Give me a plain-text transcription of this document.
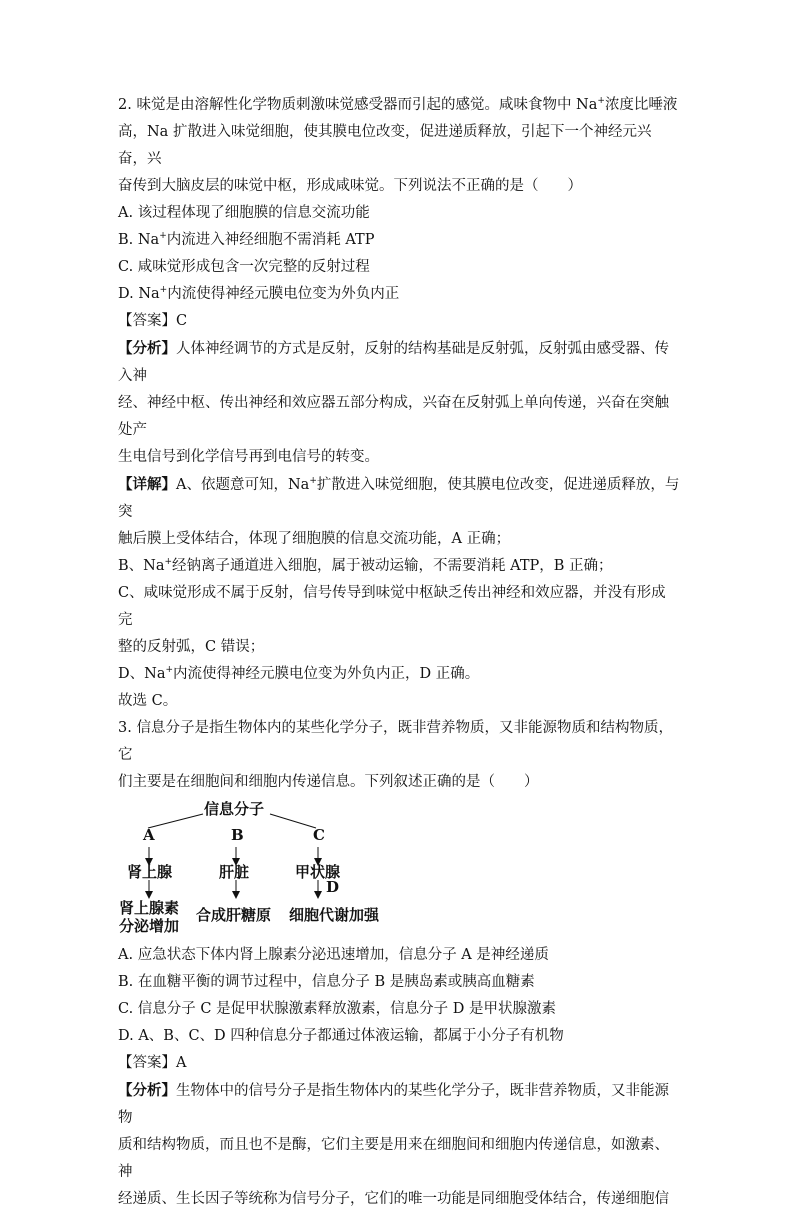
2. 味觉是由溶解性化学物质刺激味觉感受器而引起的感觉。咸味食物中 Na+浓度比唾液

高，Na 扩散进入味觉细胞，使其膜电位改变，促进递质释放，引起下一个神经元兴奋，兴

奋传到大脑皮层的味觉中枢，形成咸味觉。下列说法不正确的是（　　）

A. 该过程体现了细胞膜的信息交流功能

B. Na+内流进入神经细胞不需消耗 ATP

C. 咸味觉形成包含一次完整的反射过程

D. Na+内流使得神经元膜电位变为外负内正

【答案】C

【分析】人体神经调节的方式是反射，反射的结构基础是反射弧，反射弧由感受器、传入神

经、神经中枢、传出神经和效应器五部分构成，兴奋在反射弧上单向传递，兴奋在突触处产

生电信号到化学信号再到电信号的转变。

【详解】A、依题意可知，Na+扩散进入味觉细胞，使其膜电位改变，促进递质释放，与突

触后膜上受体结合，体现了细胞膜的信息交流功能，A 正确；

B、Na+经钠离子通道进入细胞，属于被动运输，不需要消耗 ATP，B 正确；

C、咸味觉形成不属于反射，信号传导到味觉中枢缺乏传出神经和效应器，并没有形成完

整的反射弧，C 错误；

D、Na+内流使得神经元膜电位变为外负内正，D 正确。

故选 C。

3. 信息分子是指生物体内的某些化学分子，既非营养物质，又非能源物质和结构物质，它

们主要是在细胞间和细胞内传递信息。下列叙述正确的是（　　）

信息分子
A	B	C
肾上腺	肝脏	甲状腺
D
肾上腺素
分泌增加
合成肝糖原 细胞代谢加强

A. 应急状态下体内肾上腺素分泌迅速增加，信息分子 A 是神经递质

B. 在血糖平衡的调节过程中，信息分子 B 是胰岛素或胰高血糖素

C. 信息分子 C 是促甲状腺激素释放激素，信息分子 D 是甲状腺激素

D. A、B、C、D 四种信息分子都通过体液运输，都属于小分子有机物

【答案】A

【分析】生物体中的信号分子是指生物体内的某些化学分子，既非营养物质，又非能源物

质和结构物质，而且也不是酶，它们主要是用来在细胞间和细胞内传递信息，如激素、神

经递质、生长因子等统称为信号分子，它们的唯一功能是同细胞受体结合，传递细胞信
